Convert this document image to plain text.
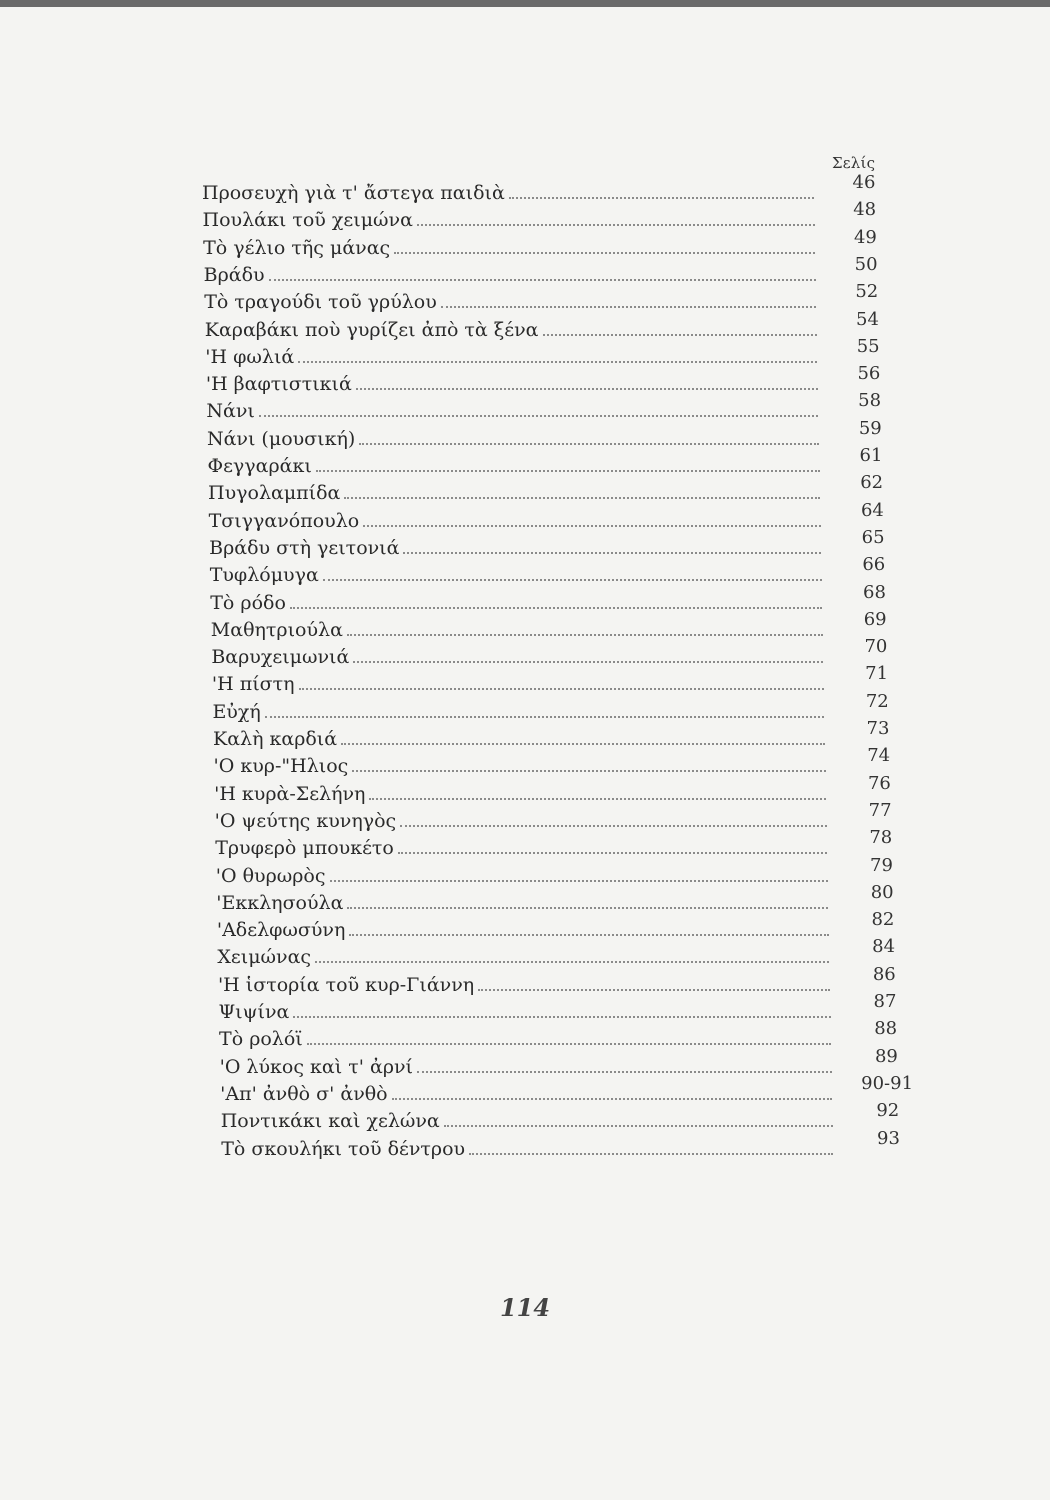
Σελίς
Προσευχὴ γιὰ τ' ἄστεγα παιδιὰ	46
Πουλάκι τοῦ χειμώνα	48
Τὸ γέλιο τῆς μάνας	49
Βράδυ	50
Τὸ τραγούδι τοῦ γρύλου	52
Καραβάκι ποὺ γυρίζει ἀπὸ τὰ ξένα	54
'Η φωλιά	55
'Η βαφτιστικιά	56
Νάνι	58
Νάνι (μουσική)	59
Φεγγαράκι	61
Πυγολαμπίδα	62
Τσιγγανόπουλο	64
Βράδυ στὴ γειτονιά	65
Τυφλόμυγα	66
Τὸ ρόδο	68
Μαθητριούλα	69
Βαρυχειμωνιά	70
'Η πίστη	71
Εὐχή	72
Καλὴ καρδιά	73
'Ο κυρ-"Ηλιος	74
'Η κυρὰ-Σελήνη	76
'Ο ψεύτης κυνηγὸς	77
Τρυφερὸ μπουκέτο	78
'Ο θυρωρὸς	79
'Εκκλησούλα	80
'Αδελφωσύνη	82
Χειμώνας	84
'Η ἱστορία τοῦ κυρ-Γιάννη	86
Ψιψίνα	87
Τὸ ρολόϊ	88
'Ο λύκος καὶ τ' ἀρνί	89
'Απ' ἀνθὸ σ' ἀνθὸ	90-91
Ποντικάκι καὶ χελώνα	92
Τὸ σκουλήκι τοῦ δέντρου	93
114
